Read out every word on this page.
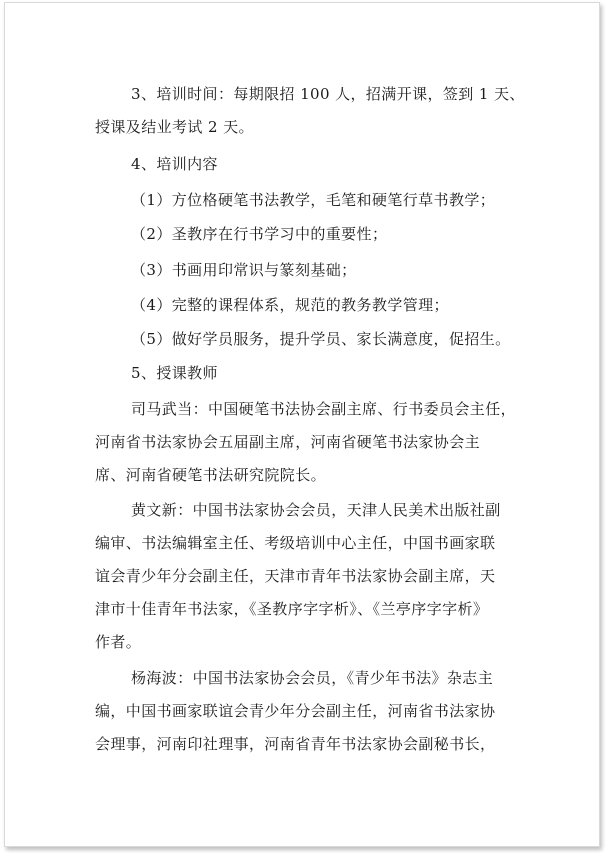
3、培训时间：每期限招 100 人，招满开课，签到 1 天、
授课及结业考试 2 天。
4、培训内容
（1）方位格硬笔书法教学，毛笔和硬笔行草书教学；
（2）圣教序在行书学习中的重要性；
（3）书画用印常识与篆刻基础；
（4）完整的课程体系，规范的教务教学管理；
（5）做好学员服务，提升学员、家长满意度，促招生。
5、授课教师
司马武当：中国硬笔书法协会副主席、行书委员会主任，
河南省书法家协会五届副主席，河南省硬笔书法家协会主
席、河南省硬笔书法研究院院长。
黄文新：中国书法家协会会员，天津人民美术出版社副
编审、书法编辑室主任、考级培训中心主任，中国书画家联
谊会青少年分会副主任，天津市青年书法家协会副主席，天
津市十佳青年书法家，《圣教序字字析》、《兰亭序字字析》
作者。
杨海波：中国书法家协会会员，《青少年书法》杂志主
编，中国书画家联谊会青少年分会副主任，河南省书法家协
会理事，河南印社理事，河南省青年书法家协会副秘书长，
